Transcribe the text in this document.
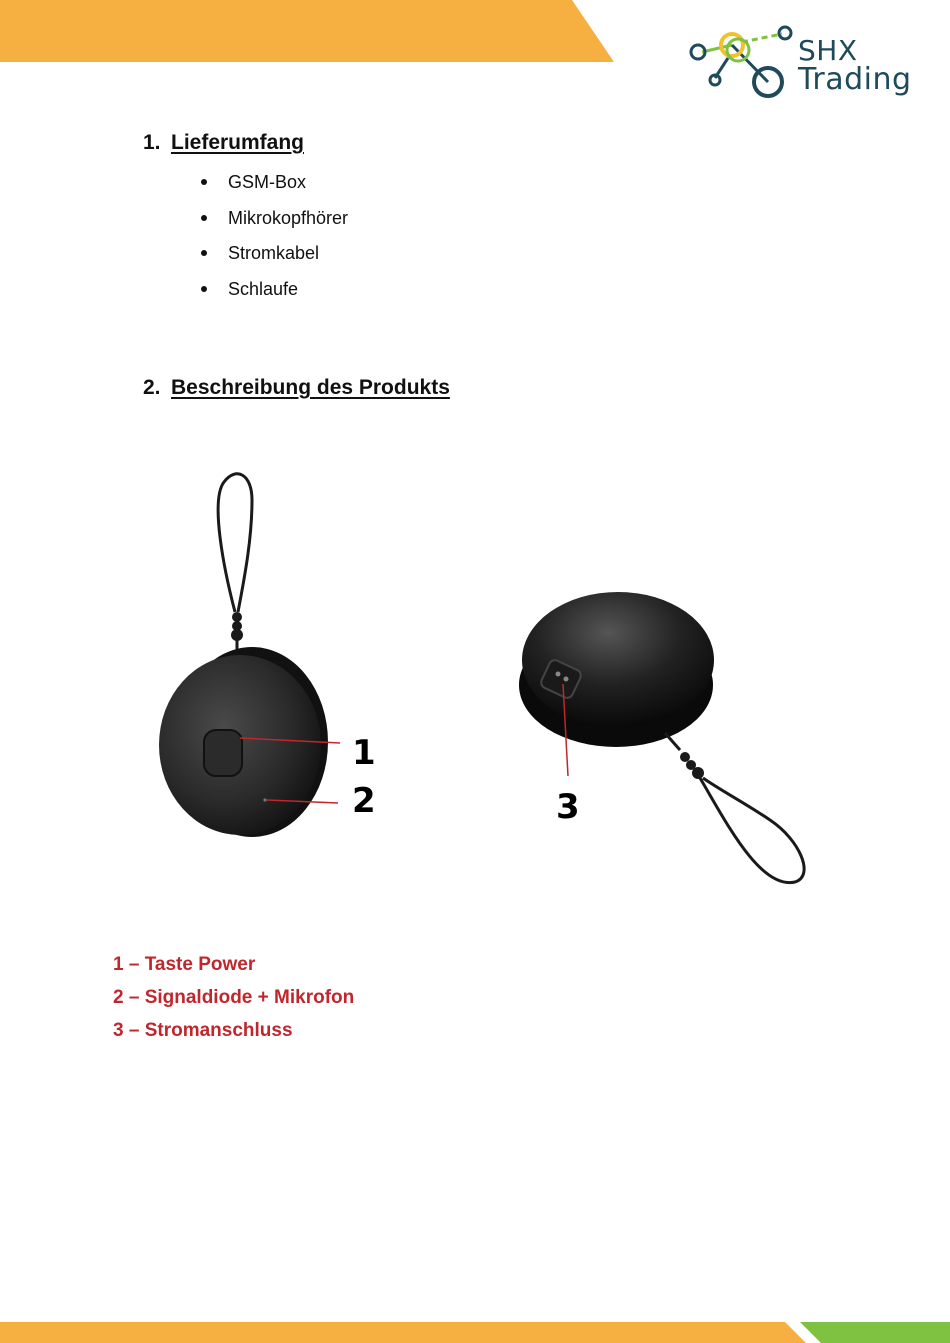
SHX
Trading
1. Lieferumfang
GSM-Box
Mikrokopfhörer
Stromkabel
Schlaufe
2. Beschreibung des Produkts
1
2	3
1 – Taste Power
2 – Signaldiode + Mikrofon
3 – Stromanschluss
